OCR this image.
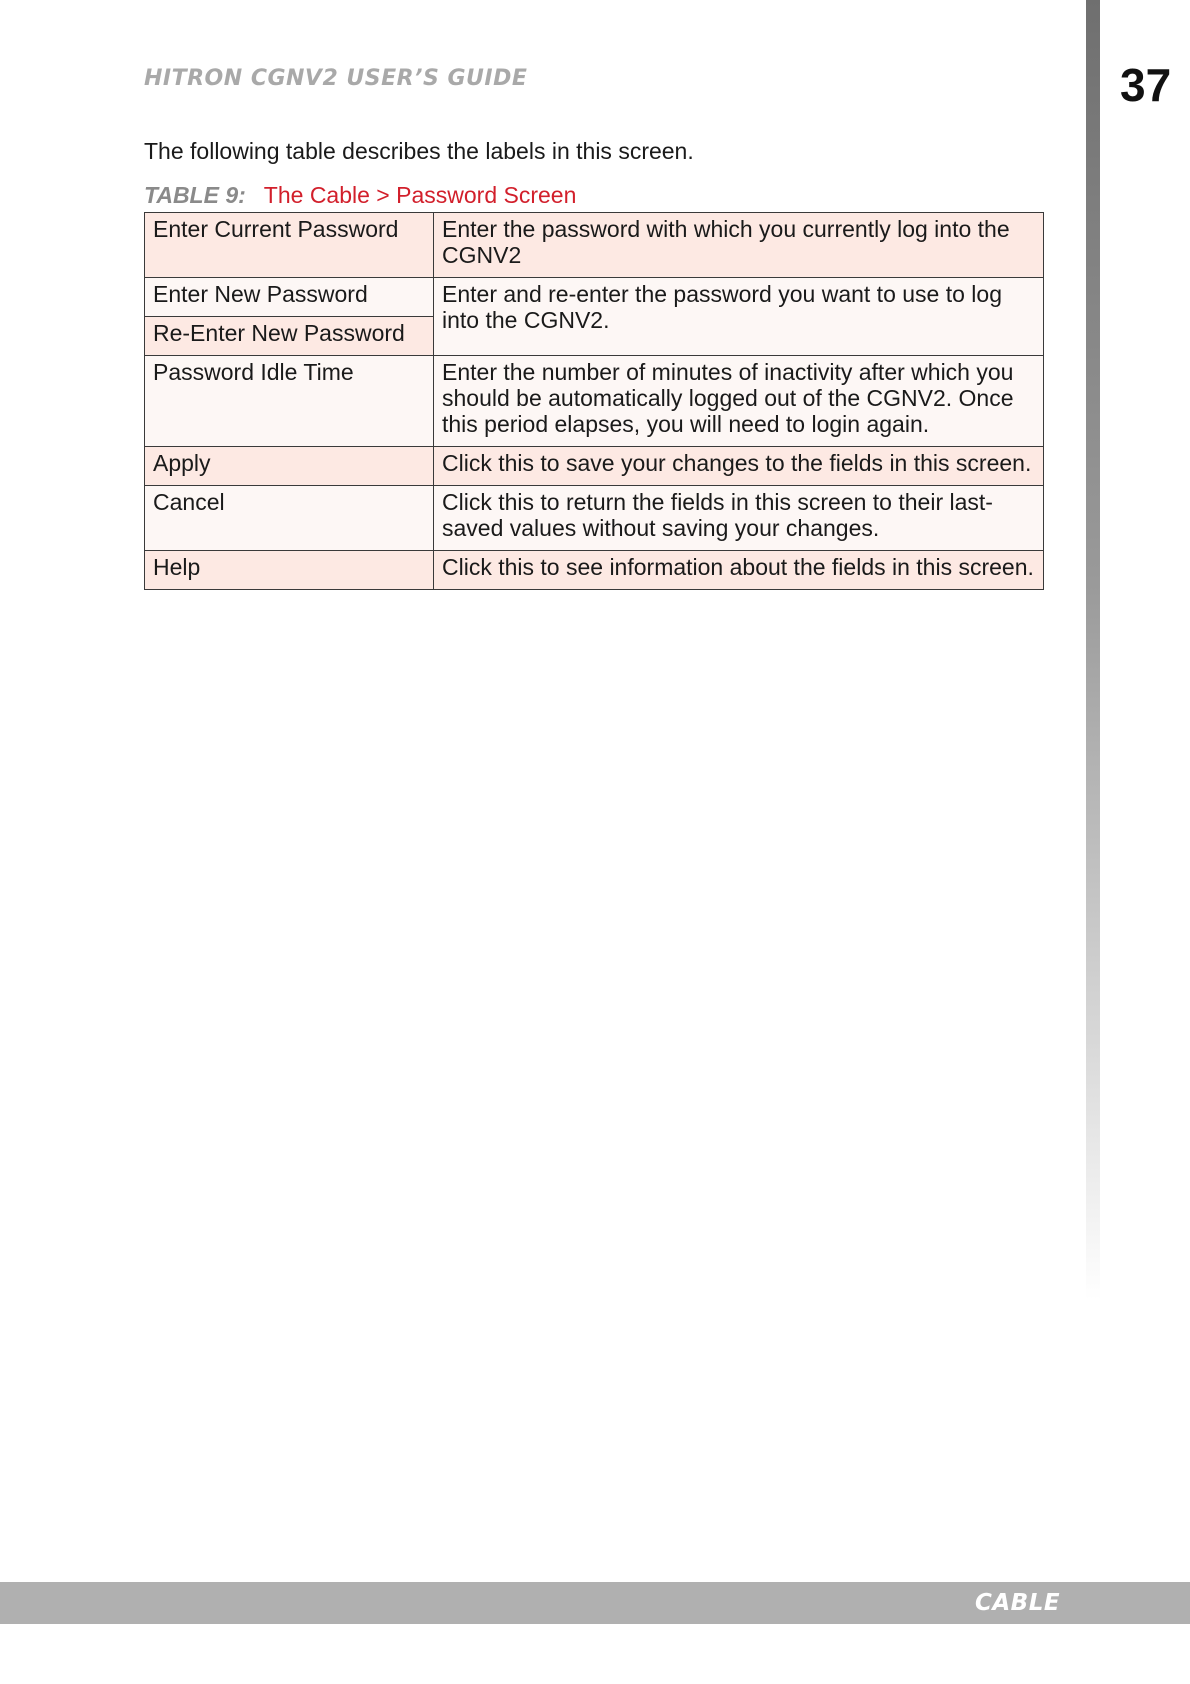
HITRON CGNV2 USER’S GUIDE	37

The following table describes the labels in this screen.

TABLE 9: The Cable > Password Screen
Enter Current Password	Enter the password with which you currently log into the CGNV2
Enter New Password	Enter and re-enter the password you want to use to log into the CGNV2.
Re-Enter New Password	
Password Idle Time	Enter the number of minutes of inactivity after which you should be automatically logged out of the CGNV2. Once this period elapses, you will need to login again.
Apply	Click this to save your changes to the fields in this screen.
Cancel	Click this to return the fields in this screen to their last-saved values without saving your changes.
Help	Click this to see information about the fields in this screen.
CABLE
